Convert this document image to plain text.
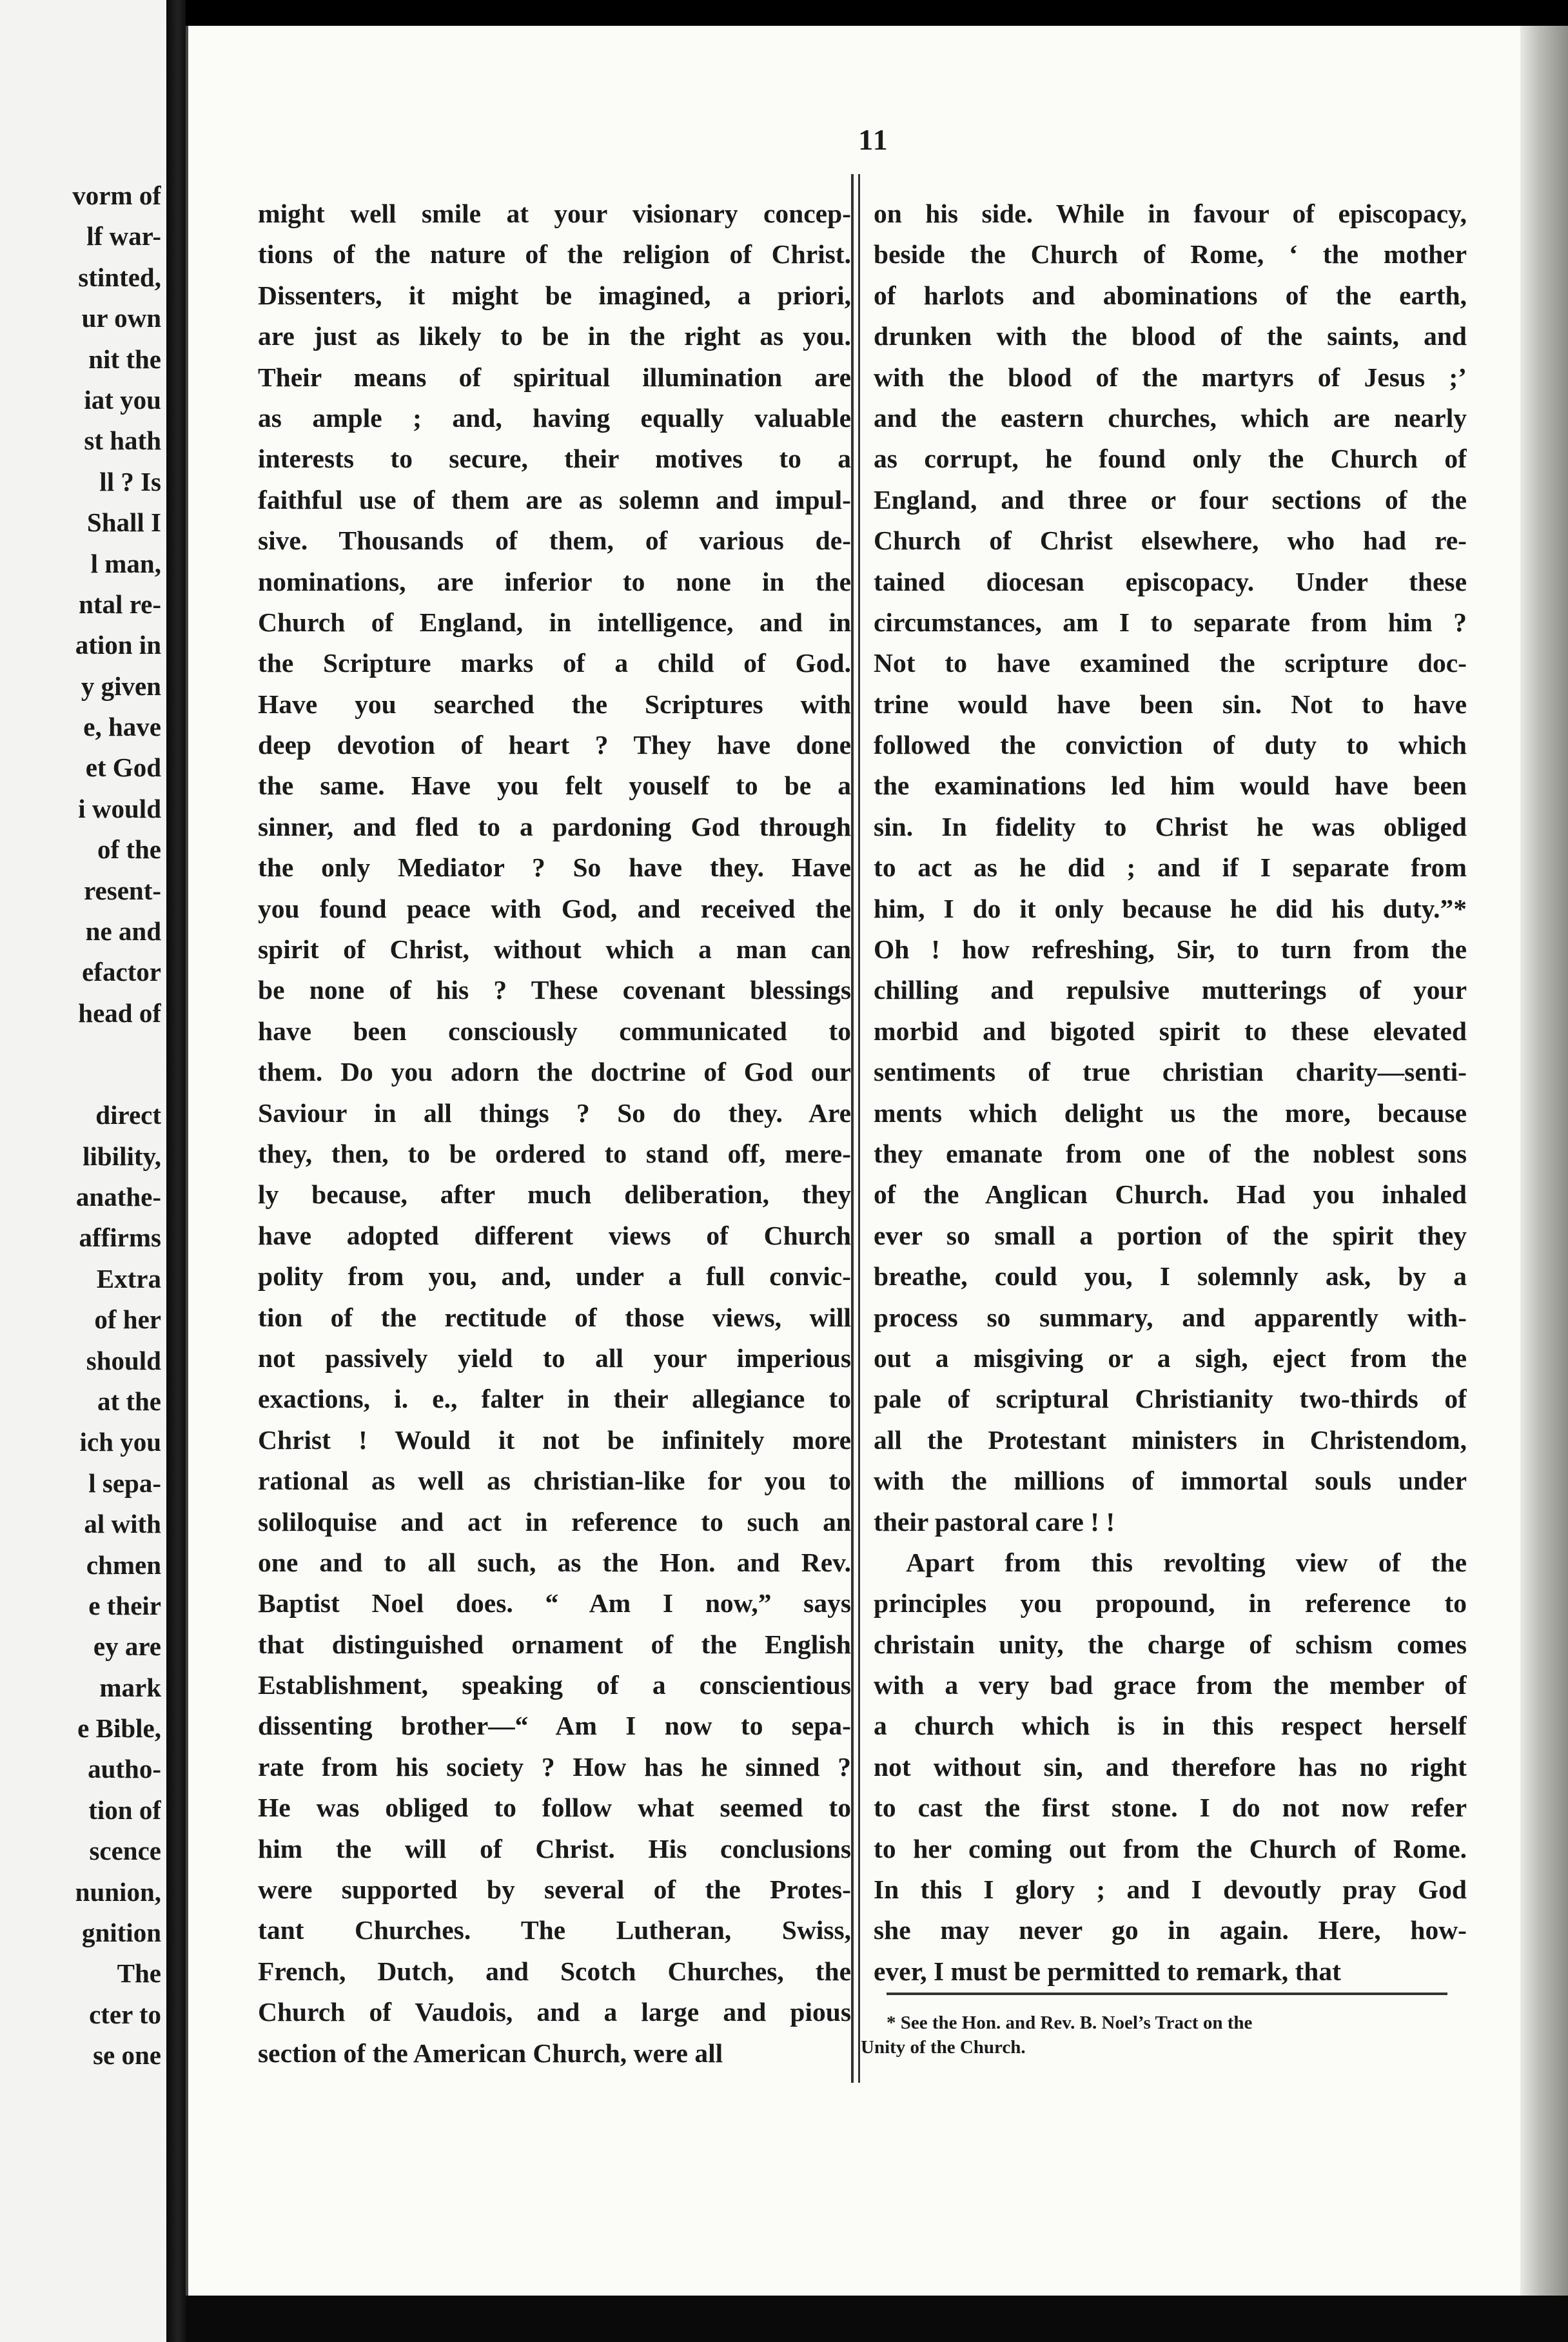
vorm of
lf war-
stinted,
ur own
nit the
iat you
st hath
ll ? Is
Shall I
l man,
ntal re-
ation in
y given
e, have
et God
i would
of the
resent-
ne and
efactor
head of
direct
libility,
anathe-
affirms
Extra
of her
should
at the
ich you
l sepa-
al with
chmen
e their
ey are
mark
e Bible,
autho-
tion of
scence
nunion,
gnition
The
cter to
se one
11
might well smile at your visionary concep-
tions of the nature of the religion of Christ.
Dissenters, it might be imagined, a priori,
are just as likely to be in the right as you.
Their means of spiritual illumination are
as ample ; and, having equally valuable
interests to secure, their motives to a
faithful use of them are as solemn and impul-
sive. Thousands of them, of various de-
nominations, are inferior to none in the
Church of England, in intelligence, and in
the Scripture marks of a child of God.
Have you searched the Scriptures with
deep devotion of heart ? They have done
the same. Have you felt youself to be a
sinner, and fled to a pardoning God through
the only Mediator ? So have they. Have
you found peace with God, and received the
spirit of Christ, without which a man can
be none of his ? These covenant blessings
have been consciously communicated to
them. Do you adorn the doctrine of God our
Saviour in all things ? So do they. Are
they, then, to be ordered to stand off, mere-
ly because, after much deliberation, they
have adopted different views of Church
polity from you, and, under a full convic-
tion of the rectitude of those views, will
not passively yield to all your imperious
exactions, i. e., falter in their allegiance to
Christ ! Would it not be infinitely more
rational as well as christian-like for you to
soliloquise and act in reference to such an
one and to all such, as the Hon. and Rev.
Baptist Noel does. “ Am I now,” says
that distinguished ornament of the English
Establishment, speaking of a conscientious
dissenting brother—“ Am I now to sepa-
rate from his society ? How has he sinned ?
He was obliged to follow what seemed to
him the will of Christ. His conclusions
were supported by several of the Protes-
tant Churches. The Lutheran, Swiss,
French, Dutch, and Scotch Churches, the
Church of Vaudois, and a large and pious
section of the American Church, were all
on his side. While in favour of episcopacy,
beside the Church of Rome, ‘ the mother
of harlots and abominations of the earth,
drunken with the blood of the saints, and
with the blood of the martyrs of Jesus ;’
and the eastern churches, which are nearly
as corrupt, he found only the Church of
England, and three or four sections of the
Church of Christ elsewhere, who had re-
tained diocesan episcopacy. Under these
circumstances, am I to separate from him ?
Not to have examined the scripture doc-
trine would have been sin. Not to have
followed the conviction of duty to which
the examinations led him would have been
sin. In fidelity to Christ he was obliged
to act as he did ; and if I separate from
him, I do it only because he did his duty.”*
Oh ! how refreshing, Sir, to turn from the
chilling and repulsive mutterings of your
morbid and bigoted spirit to these elevated
sentiments of true christian charity—senti-
ments which delight us the more, because
they emanate from one of the noblest sons
of the Anglican Church. Had you inhaled
ever so small a portion of the spirit they
breathe, could you, I solemnly ask, by a
process so summary, and apparently with-
out a misgiving or a sigh, eject from the
pale of scriptural Christianity two-thirds of
all the Protestant ministers in Christendom,
with the millions of immortal souls under
their pastoral care ! !
Apart from this revolting view of the
principles you propound, in reference to
christain unity, the charge of schism comes
with a very bad grace from the member of
a church which is in this respect herself
not without sin, and therefore has no right
to cast the first stone. I do not now refer
to her coming out from the Church of Rome.
In this I glory ; and I devoutly pray God
she may never go in again. Here, how-
ever, I must be permitted to remark, that
* See the Hon. and Rev. B. Noel’s Tract on the
Unity of the Church.
